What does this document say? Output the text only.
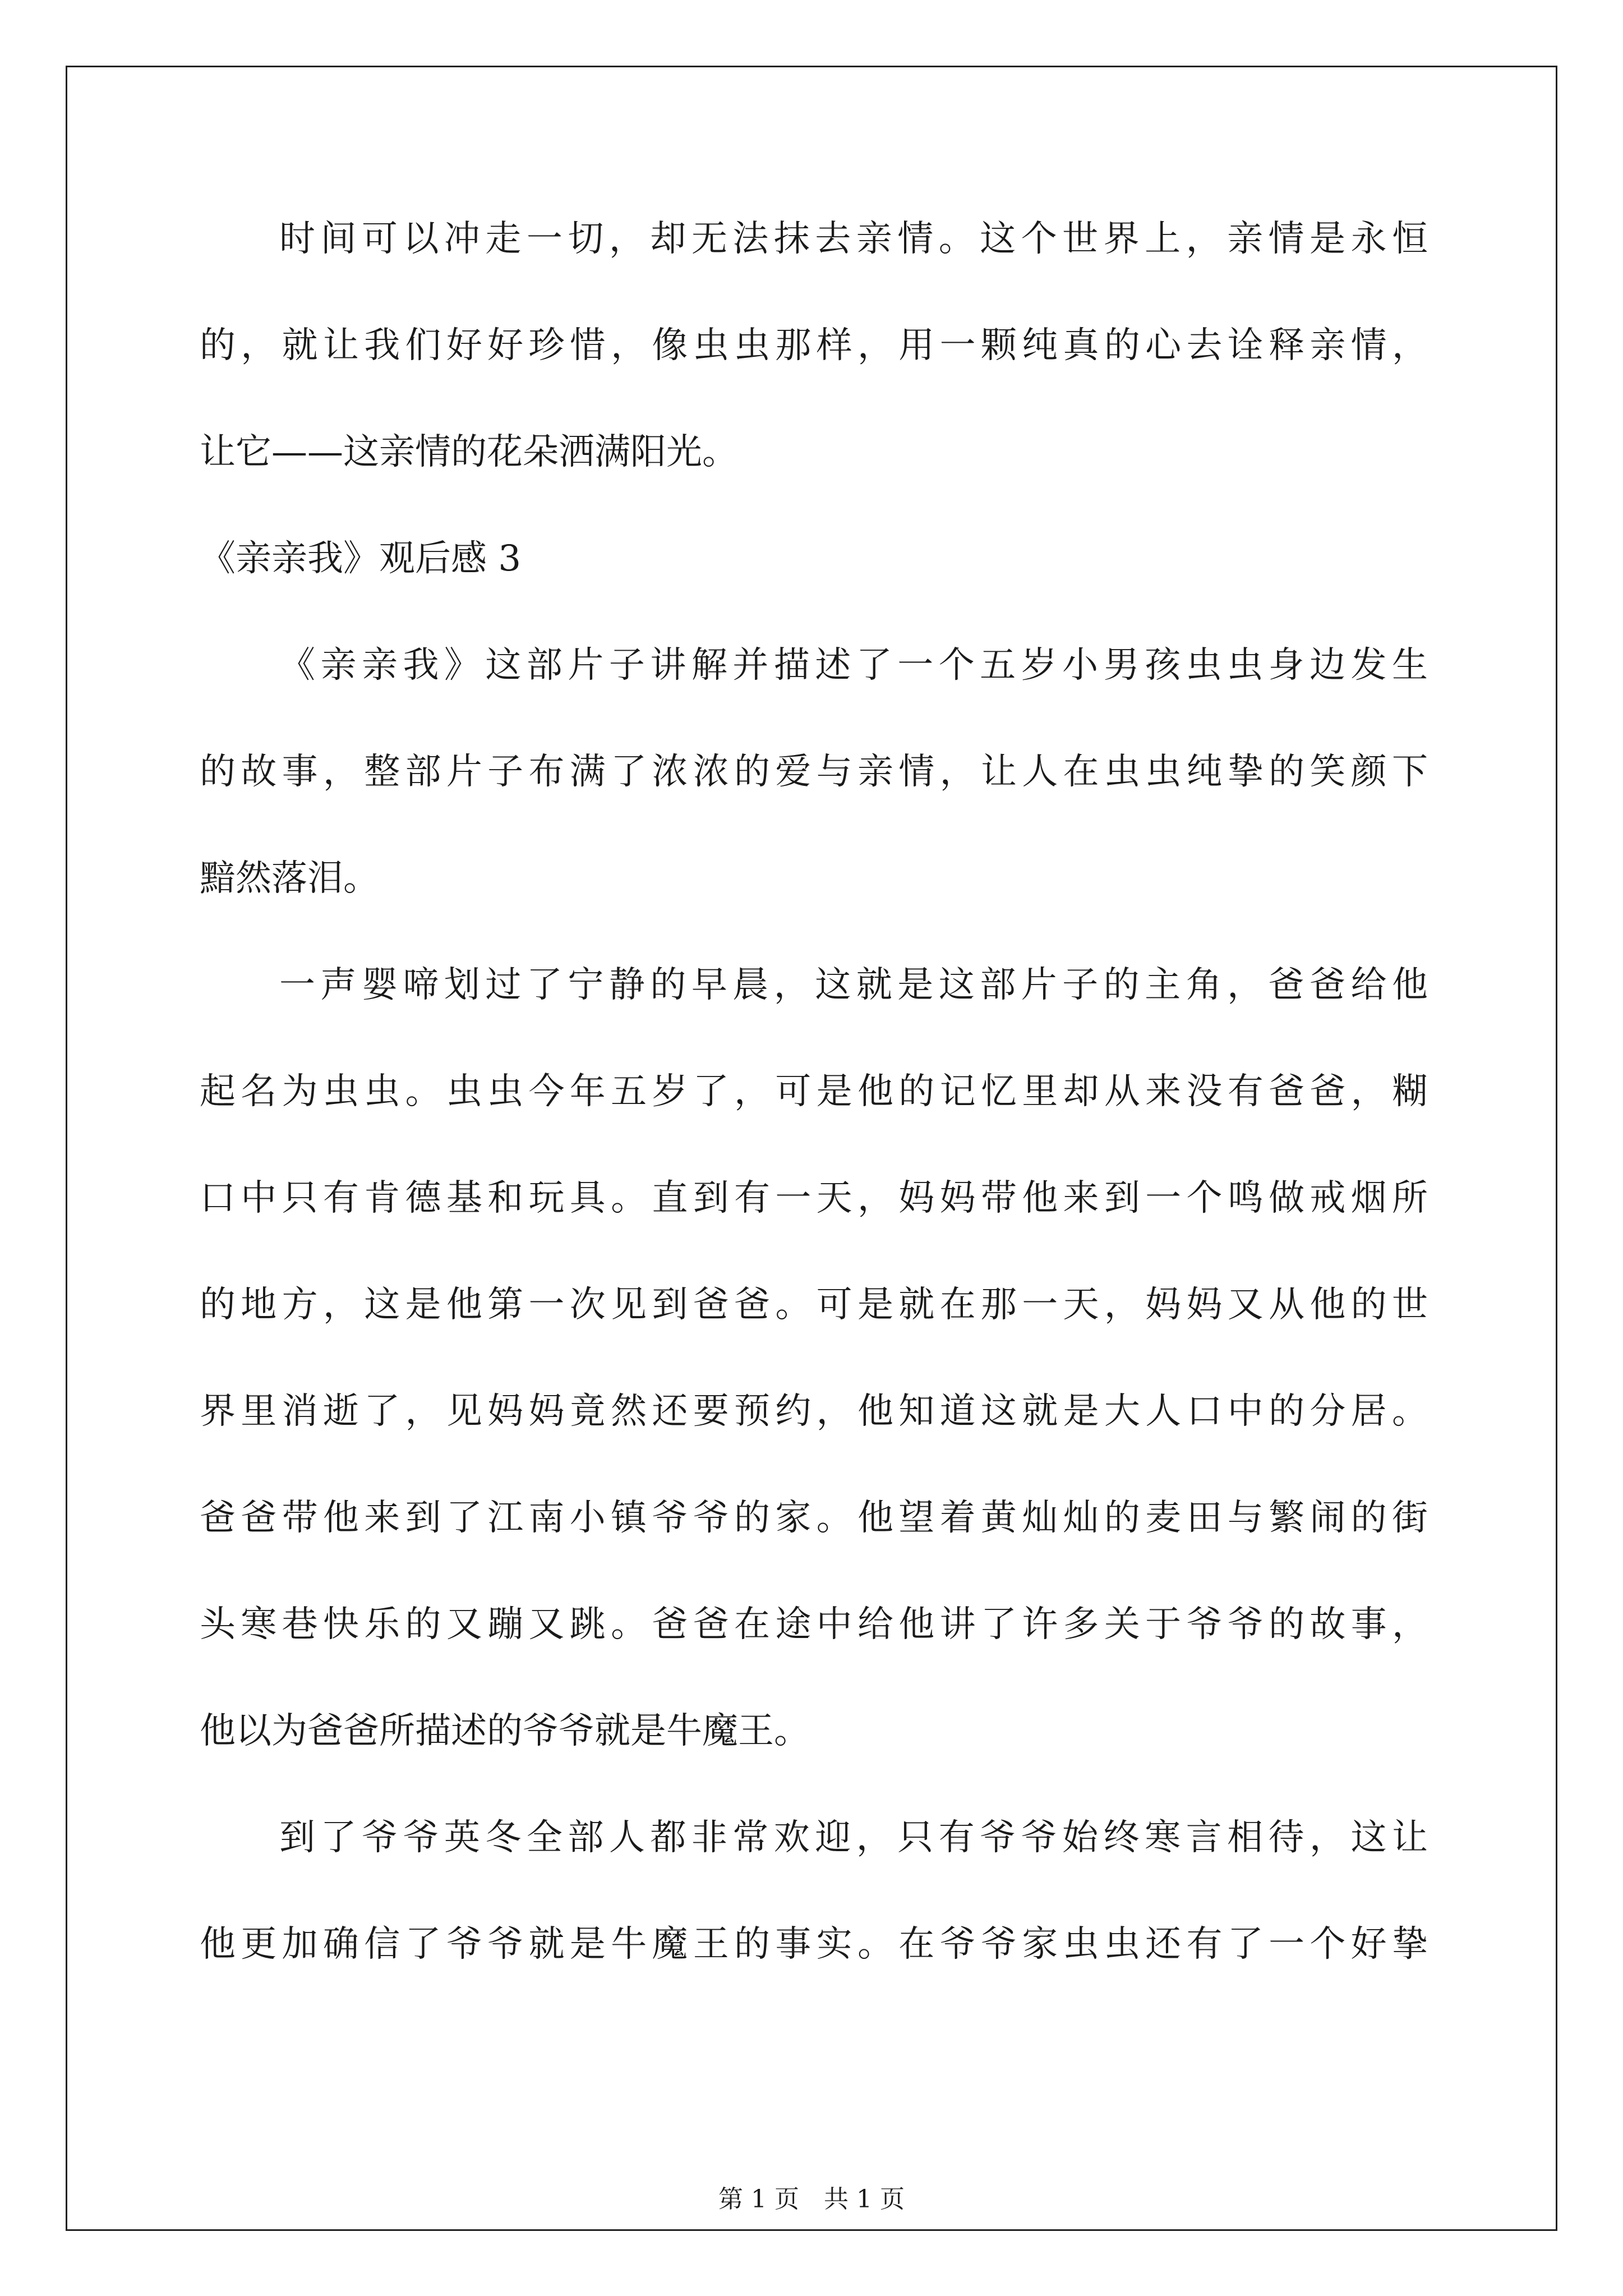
时间可以冲走一切，却无法抹去亲情。这个世界上，亲情是永恒
的，就让我们好好珍惜，像虫虫那样，用一颗纯真的心去诠释亲情，
让它——这亲情的花朵洒满阳光。
《亲亲我》观后感 3
《亲亲我》这部片子讲解并描述了一个五岁小男孩虫虫身边发生
的故事，整部片子布满了浓浓的爱与亲情，让人在虫虫纯挚的笑颜下
黯然落泪。
一声婴啼划过了宁静的早晨，这就是这部片子的主角，爸爸给他
起名为虫虫。虫虫今年五岁了，可是他的记忆里却从来没有爸爸，糊
口中只有肯德基和玩具。直到有一天，妈妈带他来到一个鸣做戒烟所
的地方，这是他第一次见到爸爸。可是就在那一天，妈妈又从他的世
界里消逝了，见妈妈竟然还要预约，他知道这就是大人口中的分居。
爸爸带他来到了江南小镇爷爷的家。他望着黄灿灿的麦田与繁闹的街
头寒巷快乐的又蹦又跳。爸爸在途中给他讲了许多关于爷爷的故事，
他以为爸爸所描述的爷爷就是牛魔王。
到了爷爷英冬全部人都非常欢迎，只有爷爷始终寒言相待，这让
他更加确信了爷爷就是牛魔王的事实。在爷爷家虫虫还有了一个好挚
第 1 页　共 1 页
